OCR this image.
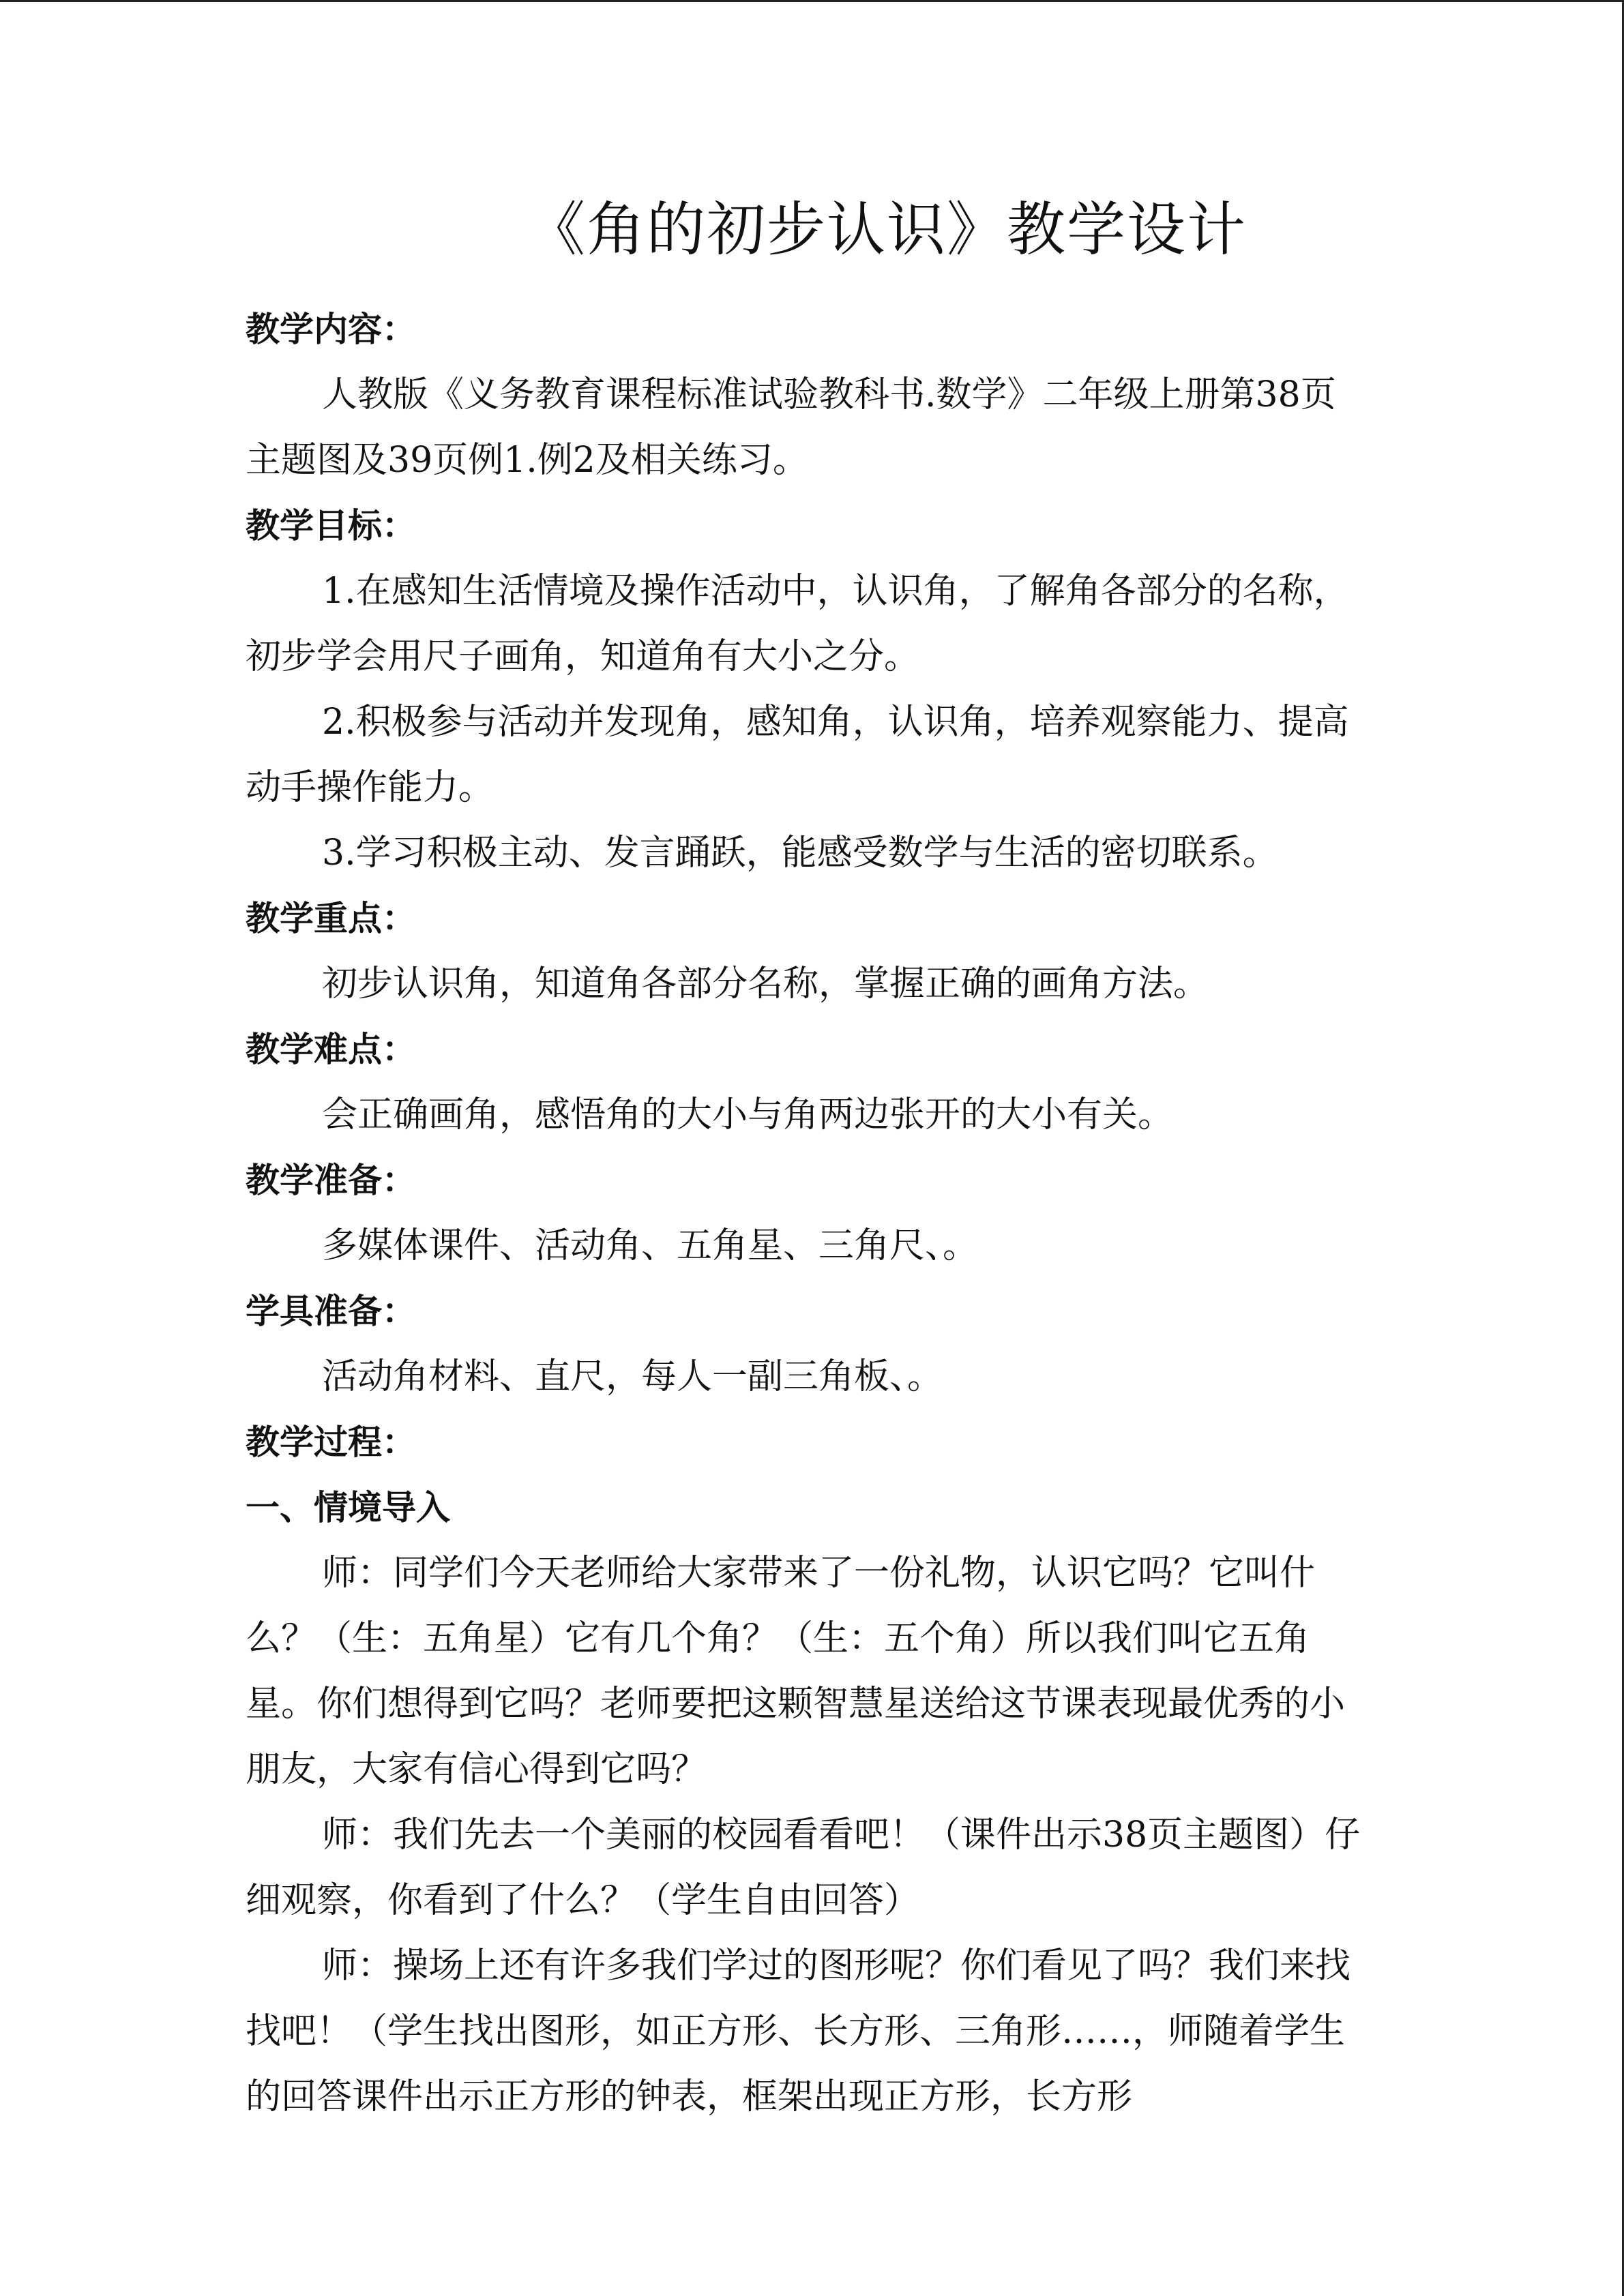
《角的初步认识》教学设计

教学内容：

人教版《义务教育课程标准试验教科书.数学》二年级上册第38页主题图及39页例1.例2及相关练习。

教学目标：

1.在感知生活情境及操作活动中，认识角，了解角各部分的名称，初步学会用尺子画角，知道角有大小之分。

2.积极参与活动并发现角，感知角，认识角，培养观察能力、提高动手操作能力。

3.学习积极主动、发言踊跃，能感受数学与生活的密切联系。

教学重点：

初步认识角，知道角各部分名称，掌握正确的画角方法。

教学难点：

会正确画角，感悟角的大小与角两边张开的大小有关。

教学准备：

多媒体课件、活动角、五角星、三角尺、。

学具准备：

活动角材料、直尺，每人一副三角板、。

教学过程：

一、情境导入

师：同学们今天老师给大家带来了一份礼物，认识它吗？它叫什么？（生：五角星）它有几个角？（生：五个角）所以我们叫它五角星。你们想得到它吗？老师要把这颗智慧星送给这节课表现最优秀的小朋友，大家有信心得到它吗？

师：我们先去一个美丽的校园看看吧！（课件出示38页主题图）仔细观察，你看到了什么？（学生自由回答）

师：操场上还有许多我们学过的图形呢？你们看见了吗？我们来找找吧！（学生找出图形，如正方形、长方形、三角形……，师随着学生的回答课件出示正方形的钟表，框架出现正方形，长方形
